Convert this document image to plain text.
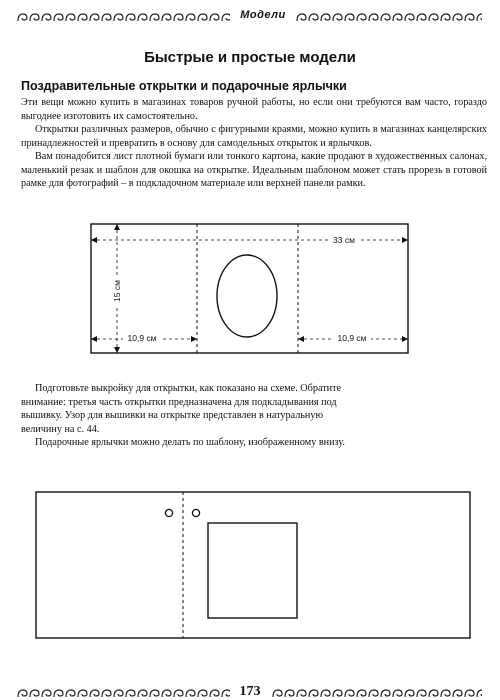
Модели
Быстрые и простые модели
Поздравительные открытки и подарочные ярлычки

Эти вещи можно купить в магазинах товаров ручной работы, но если они требуются вам часто, гораздо выгоднее изготовить их самостоятельно.

Открытки различных размеров, обычно с фигурными краями, можно купить в магазинах канцелярских принадлежностей и превратить в основу для самодельных открыток и ярлычков.

Вам понадобится лист плотной бумаги или тонкого картона, какие продают в художественных салонах, маленький резак и шаблон для окошка на открытке. Идеальным шаблоном может стать прорезь в готовой рамке для фотографий – в подкладочном материале или верхней панели рамки.

33 см
15 см
10,9 см	10,9 см

Подготовьте выкройку для открытки, как показано на схеме. Обратите внимание: третья часть открытки предназначена для подкладывания под вышивку. Узор для вышивки на открытке представлен в натуральную величину на с. 44.

Подарочные ярлычки можно делать по шаблону, изображенному внизу.

173
